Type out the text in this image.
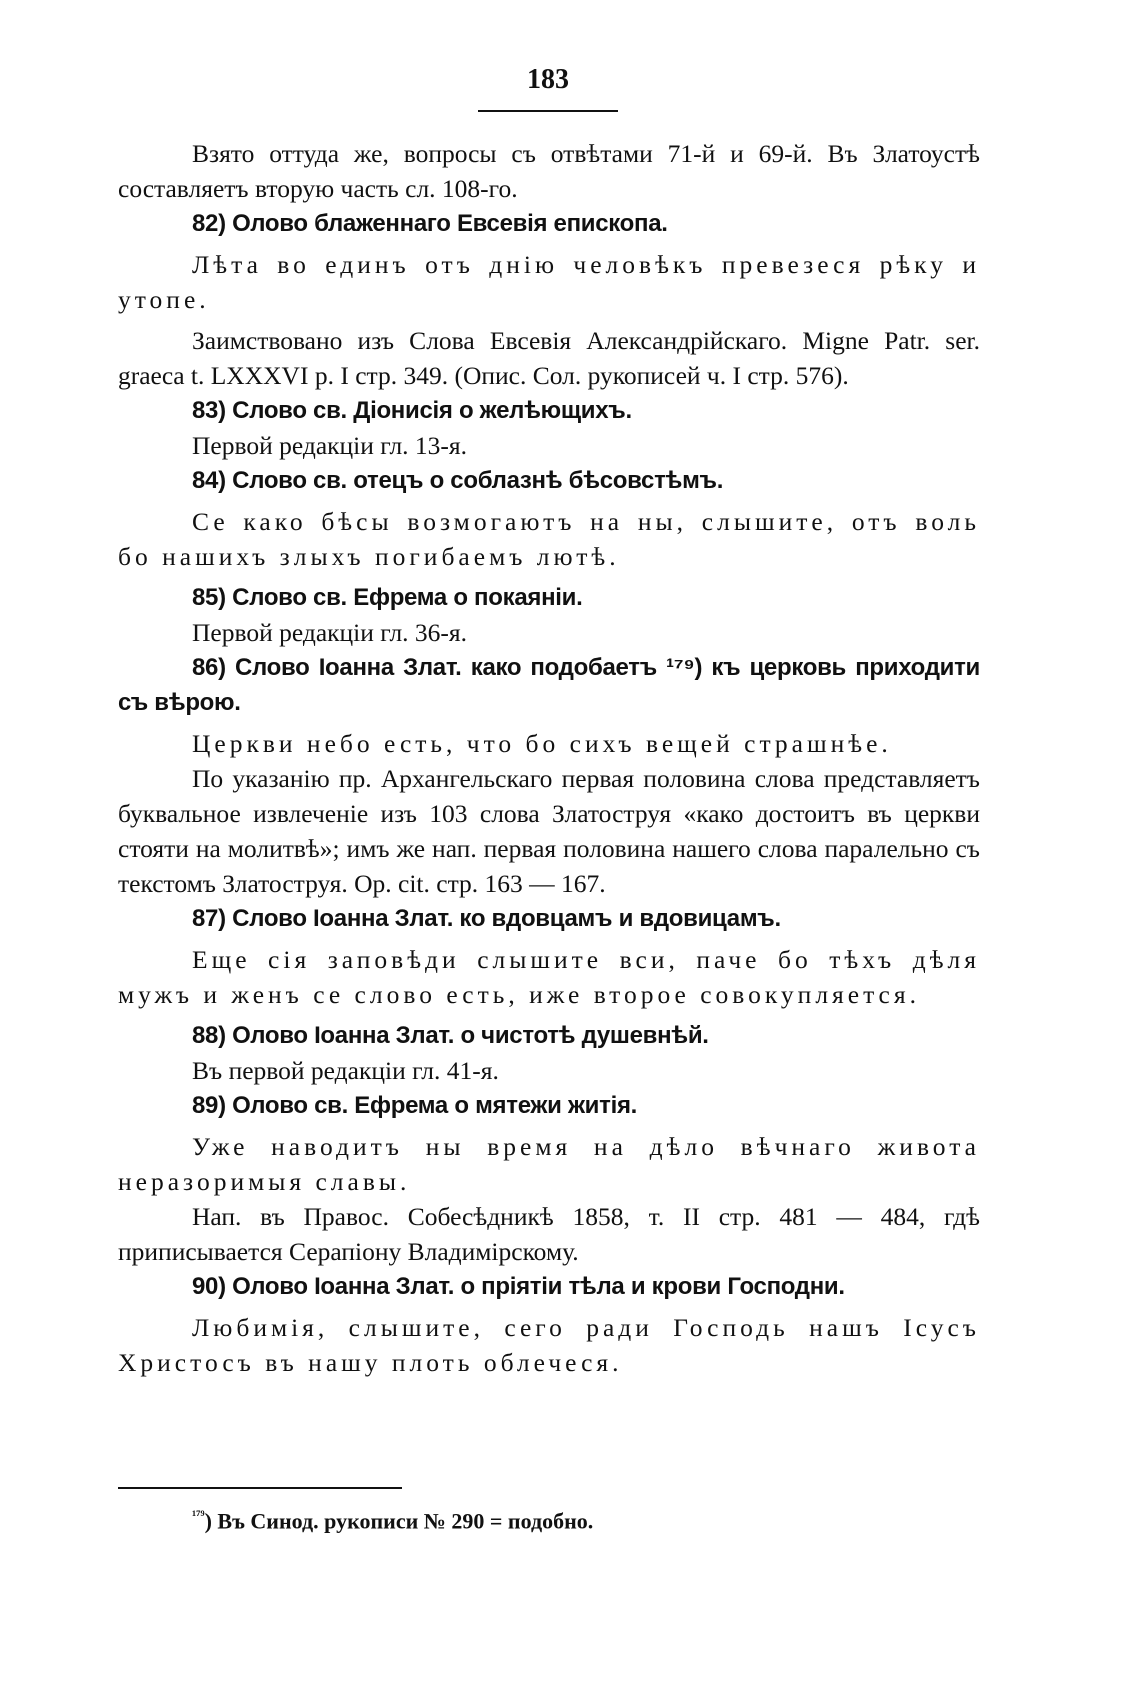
183

Взято оттуда же, вопросы съ отвѣтами 71-й и 69-й. Въ Златоустѣ составляетъ вторую часть сл. 108-го.

82) Олово блаженнаго Евсевія епископа.

Лѣта во единъ отъ днію человѣкъ превезеся рѣку и утопе.

Заимствовано изъ Слова Евсевія Александрійскаго. Migne Patr. ser. graeca t. LXXXVI p. I стр. 349. (Опис. Сол. рукописей ч. I стр. 576).

83) Слово св. Діонисія о желѣющихъ.

Первой редакціи гл. 13-я.

84) Слово св. отецъ о соблазнѣ бѣсовстѣмъ.

Се како бѣсы возмогаютъ на ны, слышите, отъ воль бо нашихъ злыхъ погибаемъ лютѣ.

85) Слово св. Ефрема о покаяніи.

Первой редакціи гл. 36-я.

86) Слово Іоанна Злат. како подобаетъ ¹⁷⁹) къ церковь приходити съ вѣрою.

Церкви небо есть, что бо сихъ вещей страшнѣе.

По указанію пр. Архангельскаго первая половина слова представляетъ буквальное извлеченіе изъ 103 слова Златоструя «како достоитъ въ церкви стояти на молитвѣ»; имъ же нап. первая половина нашего слова паралельно съ текстомъ Златоструя. Op. cit. стр. 163 — 167.

87) Слово Іоанна Злат. ко вдовцамъ и вдовицамъ.

Еще сія заповѣди слышите вси, паче бо тѣхъ дѣля мужъ и женъ се слово есть, иже второе совокупляется.

88) Олово Іоанна Злат. о чистотѣ душевнѣй.

Въ первой редакціи гл. 41-я.

89) Олово св. Ефрема о мятежи житія.

Уже наводитъ ны время на дѣло вѣчнаго живота неразоримыя славы.

Нап. въ Правос. Собесѣдникѣ 1858, т. II стр. 481 — 484, гдѣ приписывается Серапіону Владимірскому.

90) Олово Іоанна Злат. о пріятіи тѣла и крови Господни.

Любимія, слышите, сего ради Господь нашъ Ісусъ Христосъ въ нашу плоть облечеся.

$^{^{179}}$) Въ Синод. рукописи № 290 = подобно.
